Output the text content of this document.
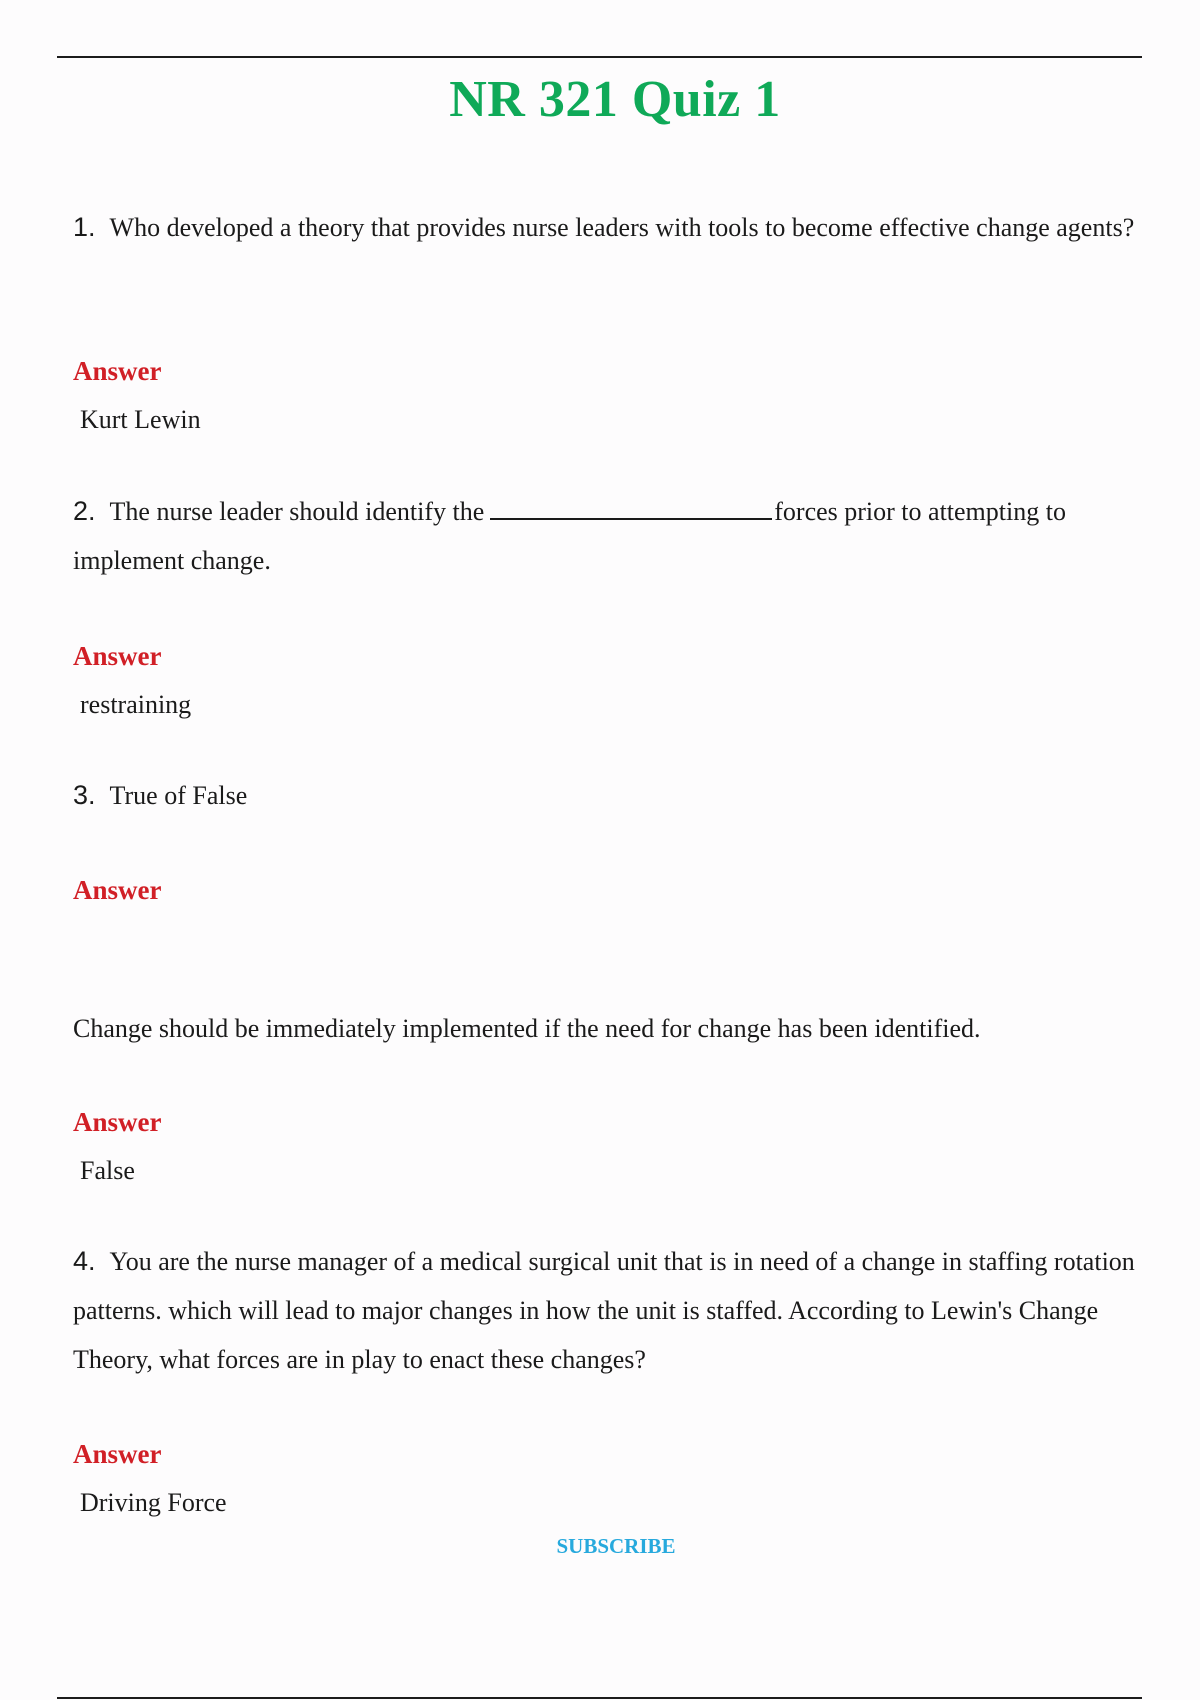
NR 321 Quiz 1
1. Who developed a theory that provides nurse leaders with tools to become effective change agents?
Answer
Kurt Lewin
2. The nurse leader should identify the	forces prior to attempting to implement change.
Answer
restraining
3. True of False
Answer
Change should be immediately implemented if the need for change has been identified.
Answer
False
4. You are the nurse manager of a medical surgical unit that is in need of a change in staffing rotation patterns. which will lead to major changes in how the unit is staffed. According to Lewin's Change Theory, what forces are in play to enact these changes?
Answer
Driving Force
SUBSCRIBE
